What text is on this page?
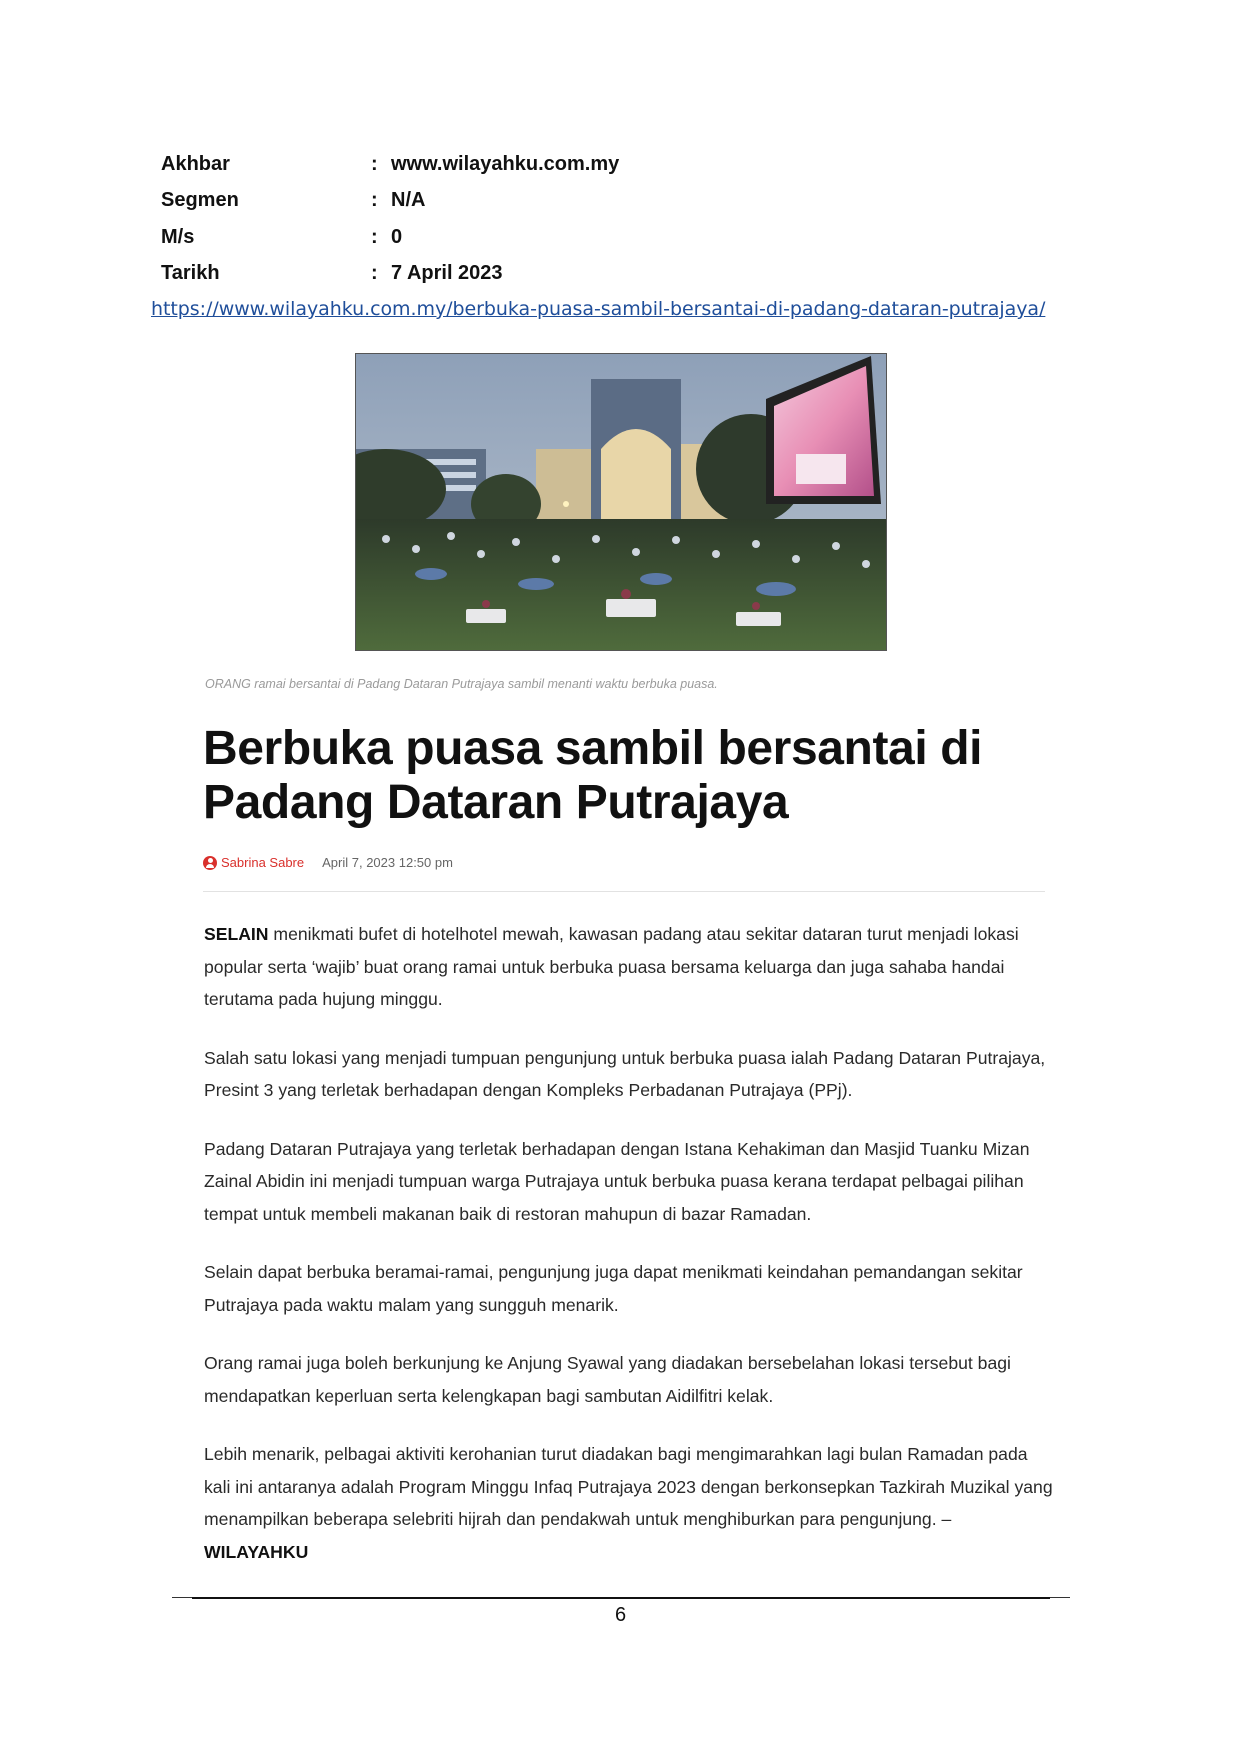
Akhbar	: www.wilayahku.com.my
Segmen	: N/A
M/s	: 0
Tarikh	: 7 April 2023
https://www.wilayahku.com.my/berbuka-puasa-sambil-bersantai-di-padang-dataran-putrajaya/
ORANG ramai bersantai di Padang Dataran Putrajaya sambil menanti waktu berbuka puasa.
Berbuka puasa sambil bersantai di Padang Dataran Putrajaya
Sabrina Sabre April 7, 2023 12:50 pm

SELAIN menikmati bufet di hotelhotel mewah, kawasan padang atau sekitar dataran turut menjadi lokasi popular serta ‘wajib’ buat orang ramai untuk berbuka puasa bersama keluarga dan juga sahaba handai terutama pada hujung minggu.

Salah satu lokasi yang menjadi tumpuan pengunjung untuk berbuka puasa ialah Padang Dataran Putrajaya, Presint 3 yang terletak berhadapan dengan Kompleks Perbadanan Putrajaya (PPj).

Padang Dataran Putrajaya yang terletak berhadapan dengan Istana Kehakiman dan Masjid Tuanku Mizan Zainal Abidin ini menjadi tumpuan warga Putrajaya untuk berbuka puasa kerana terdapat pelbagai pilihan tempat untuk membeli makanan baik di restoran mahupun di bazar Ramadan.

Selain dapat berbuka beramai-ramai, pengunjung juga dapat menikmati keindahan pemandangan sekitar Putrajaya pada waktu malam yang sungguh menarik.

Orang ramai juga boleh berkunjung ke Anjung Syawal yang diadakan bersebelahan lokasi tersebut bagi mendapatkan keperluan serta kelengkapan bagi sambutan Aidilfitri kelak.

Lebih menarik, pelbagai aktiviti kerohanian turut diadakan bagi mengimarahkan lagi bulan Ramadan pada kali ini antaranya adalah Program Minggu Infaq Putrajaya 2023 dengan berkonsepkan Tazkirah Muzikal yang menampilkan beberapa selebriti hijrah dan pendakwah untuk menghiburkan para pengunjung. – WILAYAHKU

6
